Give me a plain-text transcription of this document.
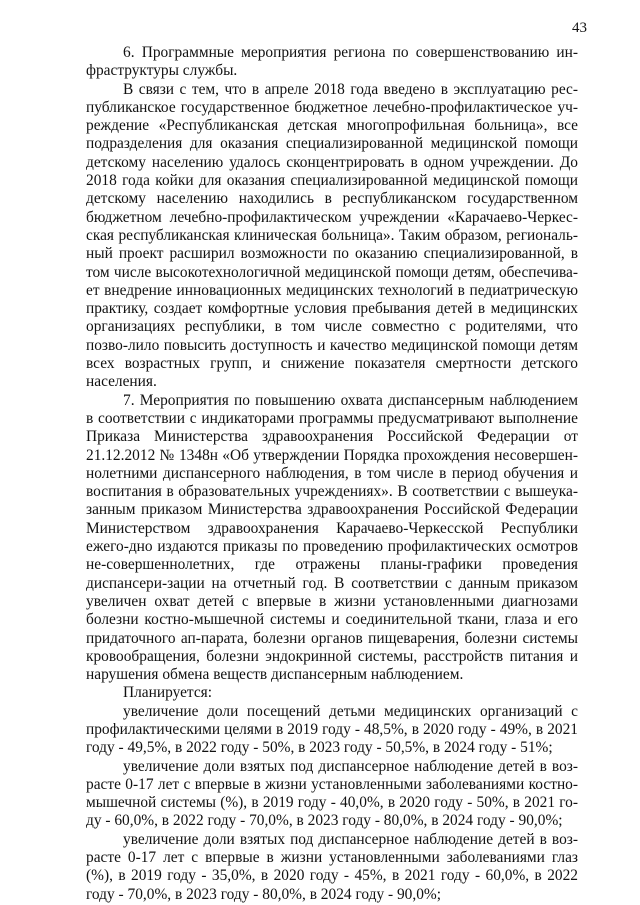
43

6. Программные мероприятия региона по совершенствованию ин-фраструктуры службы.

В связи с тем, что в апреле 2018 года введено в эксплуатацию рес-публиканское государственное бюджетное лечебно-профилактическое уч-реждение «Республиканская детская многопрофильная больница», все подразделения для оказания специализированной медицинской помощи детскому населению удалось сконцентрировать в одном учреждении. До 2018 года койки для оказания специализированной медицинской помощи детскому населению находились в республиканском государственном бюджетном лечебно-профилактическом учреждении «Карачаево-Черкес-ская республиканская клиническая больница». Таким образом, региональ-ный проект расширил возможности по оказанию специализированной, в том числе высокотехнологичной медицинской помощи детям, обеспечива-ет внедрение инновационных медицинских технологий в педиатрическую практику, создает комфортные условия пребывания детей в медицинских организациях республики, в том числе совместно с родителями, что позво-лило повысить доступность и качество медицинской помощи детям всех возрастных групп, и снижение показателя смертности детского населения.

7. Мероприятия по повышению охвата диспансерным наблюдением в соответствии с индикаторами программы предусматривают выполнение Приказа Министерства здравоохранения Российской Федерации от 21.12.2012 № 1348н «Об утверждении Порядка прохождения несовершен-нолетними диспансерного наблюдения, в том числе в период обучения и воспитания в образовательных учреждениях». В соответствии с вышеука-занным приказом Министерства здравоохранения Российской Федерации Министерством здравоохранения Карачаево-Черкесской Республики ежего-дно издаются приказы по проведению профилактических осмотров не-совершеннолетних, где отражены планы-графики проведения диспансери-зации на отчетный год. В соответствии с данным приказом увеличен охват детей с впервые в жизни установленными диагнозами болезни костно-мышечной системы и соединительной ткани, глаза и его придаточного ап-парата, болезни органов пищеварения, болезни системы кровообращения, болезни эндокринной системы, расстройств питания и нарушения обмена веществ диспансерным наблюдением.

Планируется:

увеличение доли посещений детьми медицинских организаций с профилактическими целями в 2019 году - 48,5%, в 2020 году - 49%, в 2021 году - 49,5%, в 2022 году - 50%, в 2023 году - 50,5%, в 2024 году - 51%;

увеличение доли взятых под диспансерное наблюдение детей в воз-расте 0-17 лет с впервые в жизни установленными заболеваниями костно-мышечной системы (%), в 2019 году - 40,0%, в 2020 году - 50%, в 2021 го-ду - 60,0%, в 2022 году - 70,0%, в 2023 году - 80,0%, в 2024 году - 90,0%;

увеличение доли взятых под диспансерное наблюдение детей в воз-расте 0-17 лет с впервые в жизни установленными заболеваниями глаз (%), в 2019 году - 35,0%, в 2020 году - 45%, в 2021 году - 60,0%, в 2022 году - 70,0%, в 2023 году - 80,0%, в 2024 году - 90,0%;
